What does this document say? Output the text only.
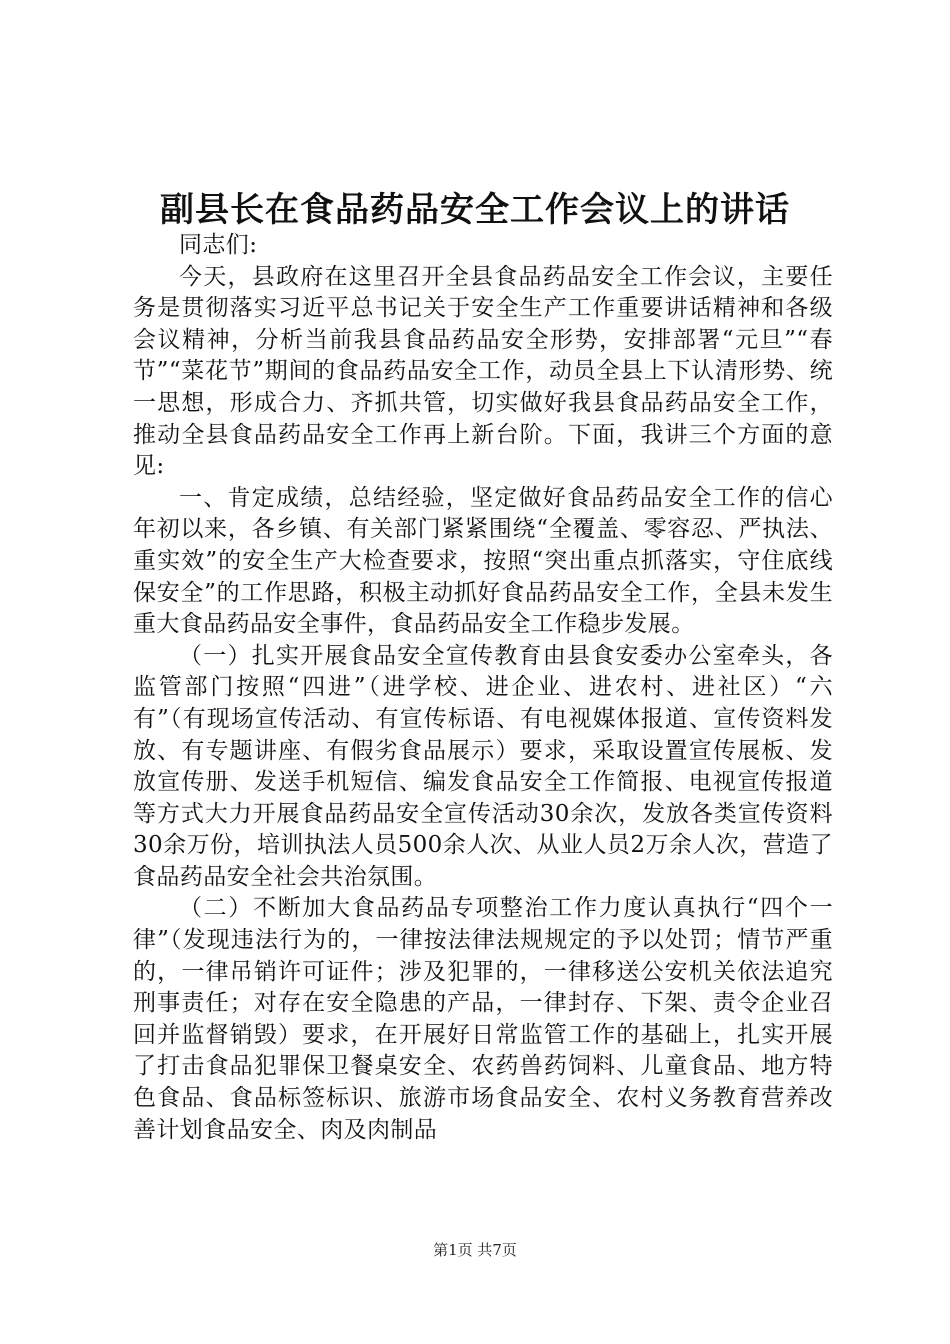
副县长在食品药品安全工作会议上的讲话

同志们:

今天，县政府在这里召开全县食品药品安全工作会议，主要任务是贯彻落实习近平总书记关于安全生产工作重要讲话精神和各级会议精神，分析当前我县食品药品安全形势，安排部署“元旦”“春节”“菜花节”期间的食品药品安全工作，动员全县上下认清形势、统一思想，形成合力、齐抓共管，切实做好我县食品药品安全工作，推动全县食品药品安全工作再上新台阶。下面，我讲三个方面的意见:

一、肯定成绩，总结经验，坚定做好食品药品安全工作的信心年初以来，各乡镇、有关部门紧紧围绕“全覆盖、零容忍、严执法、重实效”的安全生产大检查要求，按照“突出重点抓落实，守住底线保安全”的工作思路，积极主动抓好食品药品安全工作，全县未发生重大食品药品安全事件，食品药品安全工作稳步发展。

（一）扎实开展食品安全宣传教育由县食安委办公室牵头，各监管部门按照“四进”（进学校、进企业、进农村、进社区）“六有”（有现场宣传活动、有宣传标语、有电视媒体报道、宣传资料发放、有专题讲座、有假劣食品展示）要求，采取设置宣传展板、发放宣传册、发送手机短信、编发食品安全工作简报、电视宣传报道等方式大力开展食品药品安全宣传活动30余次，发放各类宣传资料30余万份，培训执法人员500余人次、从业人员2万余人次，营造了食品药品安全社会共治氛围。

（二）不断加大食品药品专项整治工作力度认真执行“四个一律”（发现违法行为的，一律按法律法规规定的予以处罚；情节严重的，一律吊销许可证件；涉及犯罪的，一律移送公安机关依法追究刑事责任；对存在安全隐患的产品，一律封存、下架、责令企业召回并监督销毁）要求，在开展好日常监管工作的基础上，扎实开展了打击食品犯罪保卫餐桌安全、农药兽药饲料、儿童食品、地方特色食品、食品标签标识、旅游市场食品安全、农村义务教育营养改善计划食品安全、肉及肉制品

第1页 共7页
